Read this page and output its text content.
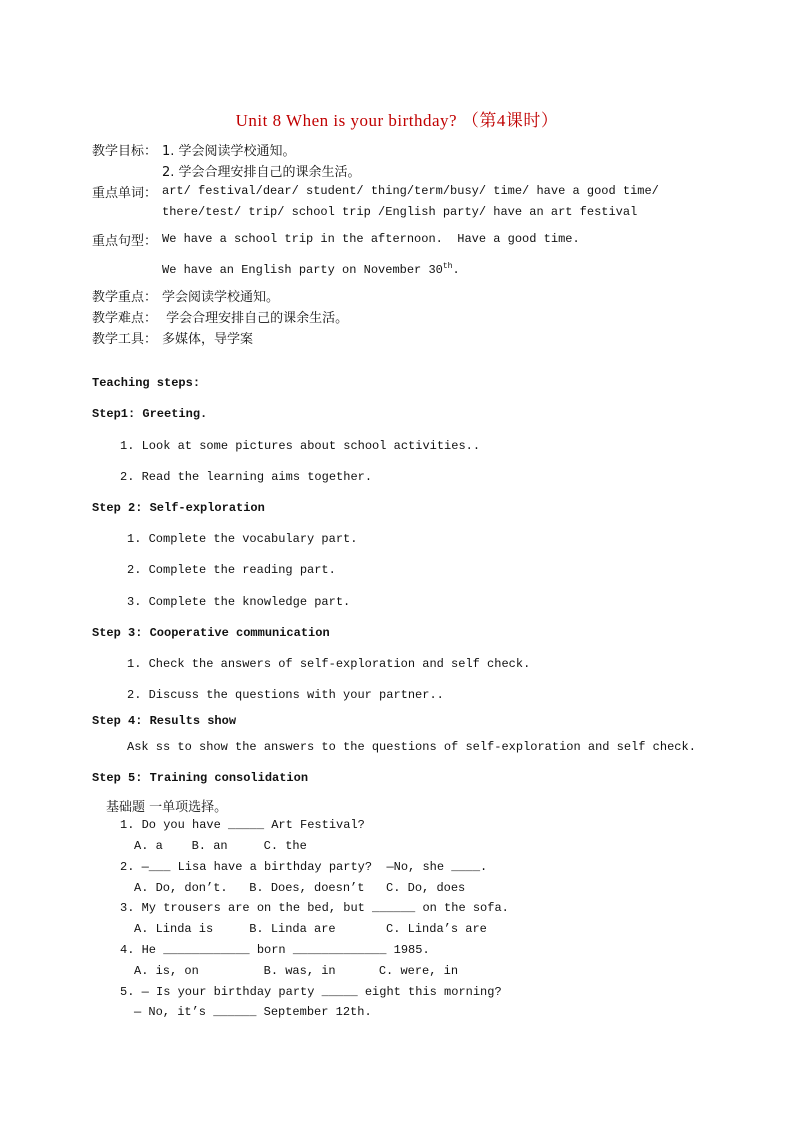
Unit 8 When is your birthday? （第4课时）
教学目标： 1. 学会阅读学校通知。
2. 学会合理安排自己的课余生活。
重点单词： art/ festival/dear/ student/ thing/term/busy/ time/ have a good time/
there/test/ trip/ school trip /English party/ have an art festival
重点句型： We have a school trip in the afternoon.  Have a good time.
We have an English party on November 30th.
教学重点： 学会阅读学校通知。
教学难点： 学会合理安排自己的课余生活。
教学工具： 多媒体，导学案
Teaching steps:
Step1: Greeting.
1. Look at some pictures about school activities..
2. Read the learning aims together.
Step 2: Self-exploration
1. Complete the vocabulary part.
2. Complete the reading part.
3. Complete the knowledge part.
Step 3: Cooperative communication
1. Check the answers of self-exploration and self check.
2. Discuss the questions with your partner..
Step 4: Results show
Ask ss to show the answers to the questions of self-exploration and self check.
Step 5: Training consolidation
基础题 一单项选择。
1. Do you have _____ Art Festival?
A. a    B. an     C. the
2. —___ Lisa have a birthday party?  —No, she ____.
A. Do, don’t.   B. Does, doesn’t   C. Do, does
3. My trousers are on the bed, but ______ on the sofa.
A. Linda is     B. Linda are       C. Linda’s are
4. He ____________ born _____________ 1985.
A. is, on         B. was, in      C. were, in
5. — Is your birthday party _____ eight this morning?
— No, it’s ______ September 12th.
